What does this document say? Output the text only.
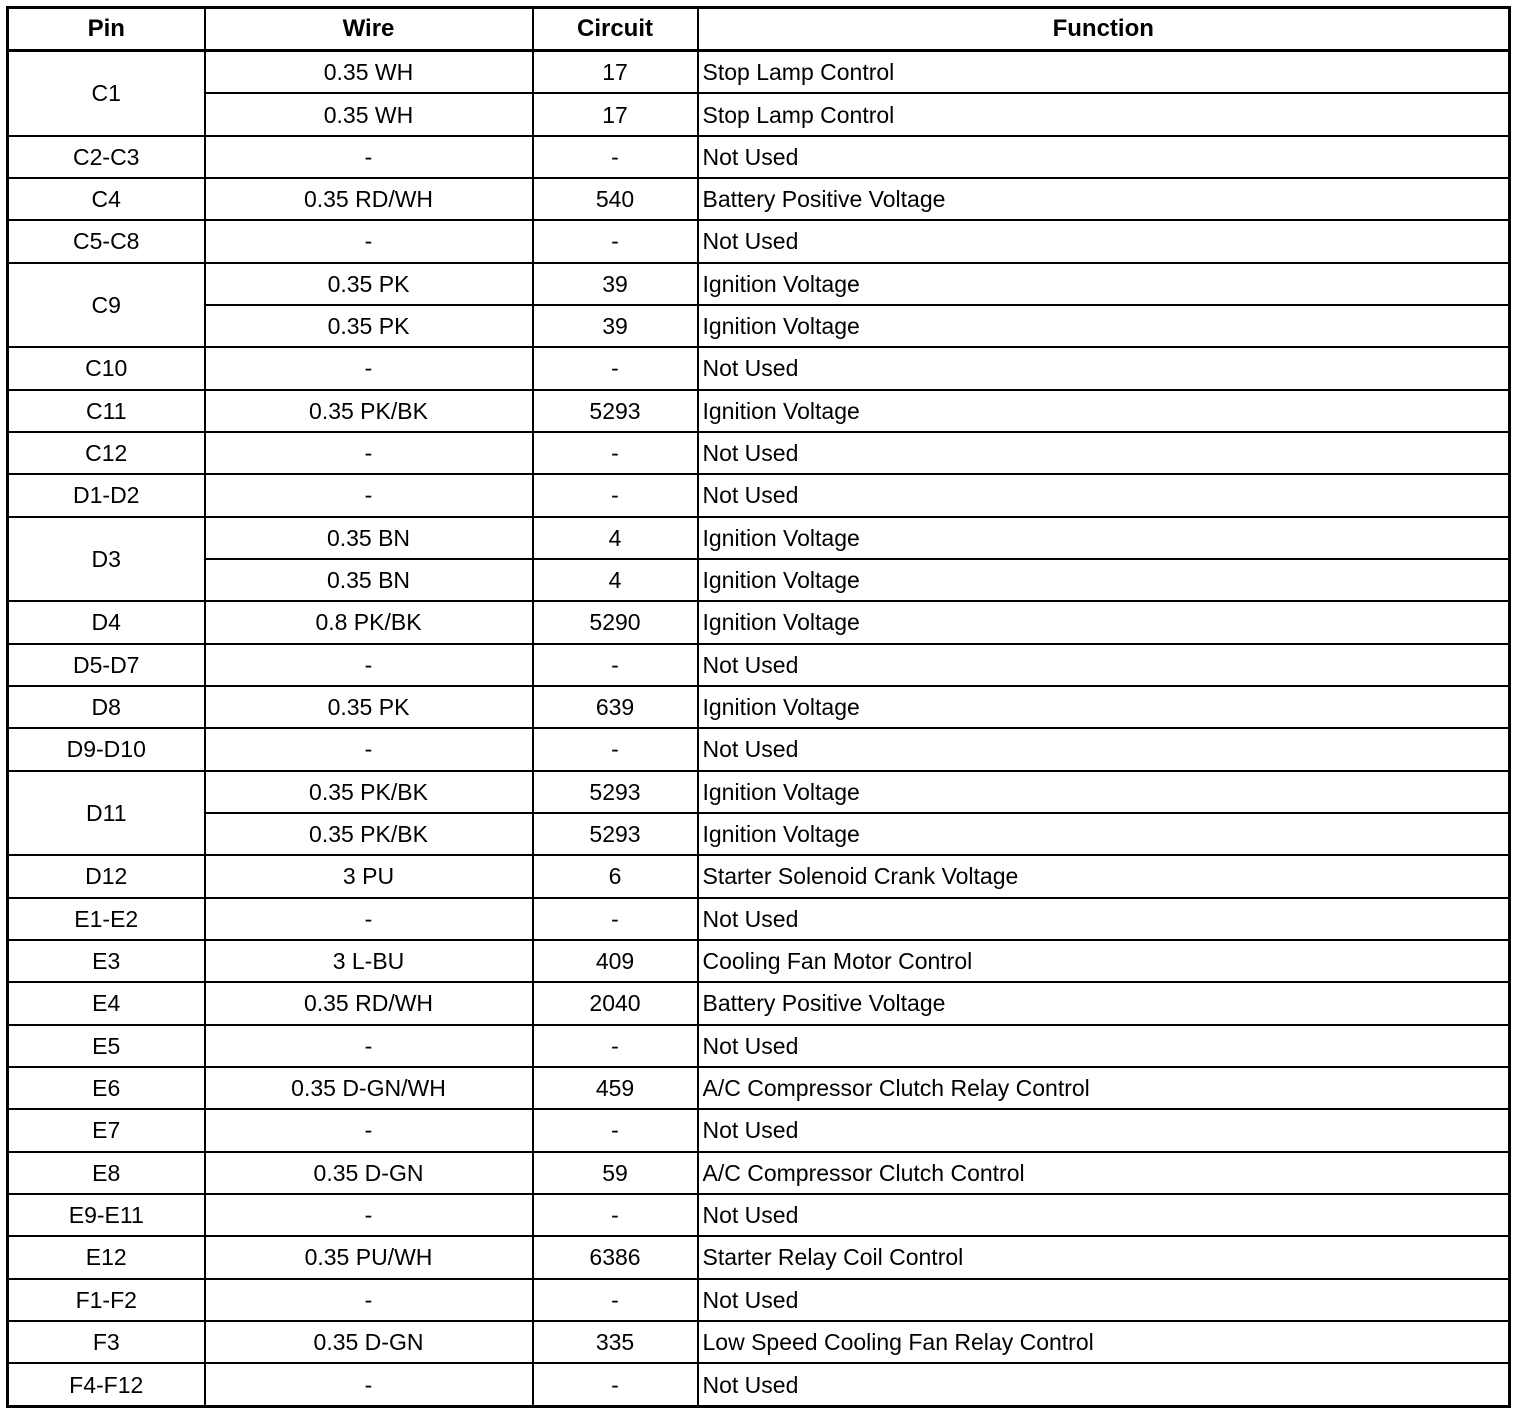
Pin	Wire	Circuit	Function
C1	0.35 WH	17	Stop Lamp Control
	0.35 WH	17	Stop Lamp Control
C2-C3	-	-	Not Used
C4	0.35 RD/WH	540	Battery Positive Voltage
C5-C8	-	-	Not Used
C9	0.35 PK	39	Ignition Voltage
	0.35 PK	39	Ignition Voltage
C10	-	-	Not Used
C11	0.35 PK/BK	5293	Ignition Voltage
C12	-	-	Not Used
D1-D2	-	-	Not Used
D3	0.35 BN	4	Ignition Voltage
	0.35 BN	4	Ignition Voltage
D4	0.8 PK/BK	5290	Ignition Voltage
D5-D7	-	-	Not Used
D8	0.35 PK	639	Ignition Voltage
D9-D10	-	-	Not Used
D11	0.35 PK/BK	5293	Ignition Voltage
	0.35 PK/BK	5293	Ignition Voltage
D12	3 PU	6	Starter Solenoid Crank Voltage
E1-E2	-	-	Not Used
E3	3 L-BU	409	Cooling Fan Motor Control
E4	0.35 RD/WH	2040	Battery Positive Voltage
E5	-	-	Not Used
E6	0.35 D-GN/WH	459	A/C Compressor Clutch Relay Control
E7	-	-	Not Used
E8	0.35 D-GN	59	A/C Compressor Clutch Control
E9-E11	-	-	Not Used
E12	0.35 PU/WH	6386	Starter Relay Coil Control
F1-F2	-	-	Not Used
F3	0.35 D-GN	335	Low Speed Cooling Fan Relay Control
F4-F12	-	-	Not Used
